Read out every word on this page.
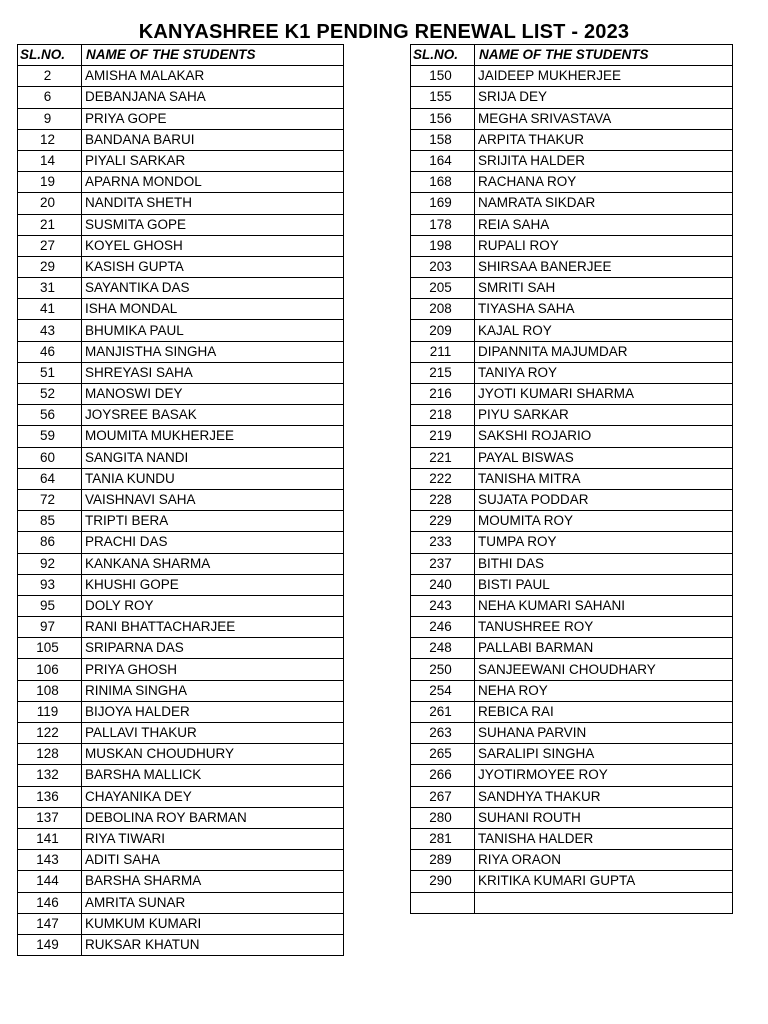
KANYASHREE K1 PENDING RENEWAL LIST - 2023
SL.NO.	NAME OF THE STUDENTS
2	AMISHA MALAKAR
6	DEBANJANA SAHA
9	PRIYA GOPE
12	BANDANA BARUI
14	PIYALI SARKAR
19	APARNA MONDOL
20	NANDITA SHETH
21	SUSMITA GOPE
27	KOYEL GHOSH
29	KASISH GUPTA
31	SAYANTIKA DAS
41	ISHA MONDAL
43	BHUMIKA PAUL
46	MANJISTHA SINGHA
51	SHREYASI SAHA
52	MANOSWI DEY
56	JOYSREE BASAK
59	MOUMITA MUKHERJEE
60	SANGITA NANDI
64	TANIA KUNDU
72	VAISHNAVI SAHA
85	TRIPTI BERA
86	PRACHI DAS
92	KANKANA SHARMA
93	KHUSHI GOPE
95	DOLY ROY
97	RANI BHATTACHARJEE
105	SRIPARNA DAS
106	PRIYA GHOSH
108	RINIMA SINGHA
119	BIJOYA HALDER
122	PALLAVI THAKUR
128	MUSKAN CHOUDHURY
132	BARSHA MALLICK
136	CHAYANIKA DEY
137	DEBOLINA ROY BARMAN
141	RIYA TIWARI
143	ADITI SAHA
144	BARSHA SHARMA
146	AMRITA SUNAR
147	KUMKUM KUMARI
149	RUKSAR KHATUN
SL.NO.	NAME OF THE STUDENTS
150	JAIDEEP MUKHERJEE
155	SRIJA DEY
156	MEGHA SRIVASTAVA
158	ARPITA THAKUR
164	SRIJITA HALDER
168	RACHANA ROY
169	NAMRATA SIKDAR
178	REIA SAHA
198	RUPALI ROY
203	SHIRSAA BANERJEE
205	SMRITI SAH
208	TIYASHA SAHA
209	KAJAL ROY
211	DIPANNITA MAJUMDAR
215	TANIYA ROY
216	JYOTI KUMARI SHARMA
218	PIYU SARKAR
219	SAKSHI ROJARIO
221	PAYAL BISWAS
222	TANISHA MITRA
228	SUJATA PODDAR
229	MOUMITA ROY
233	TUMPA ROY
237	BITHI DAS
240	BISTI PAUL
243	NEHA KUMARI SAHANI
246	TANUSHREE ROY
248	PALLABI BARMAN
250	SANJEEWANI CHOUDHARY
254	NEHA ROY
261	REBICA RAI
263	SUHANA PARVIN
265	SARALIPI SINGHA
266	JYOTIRMOYEE ROY
267	SANDHYA THAKUR
280	SUHANI ROUTH
281	TANISHA HALDER
289	RIYA ORAON
290	KRITIKA KUMARI GUPTA
